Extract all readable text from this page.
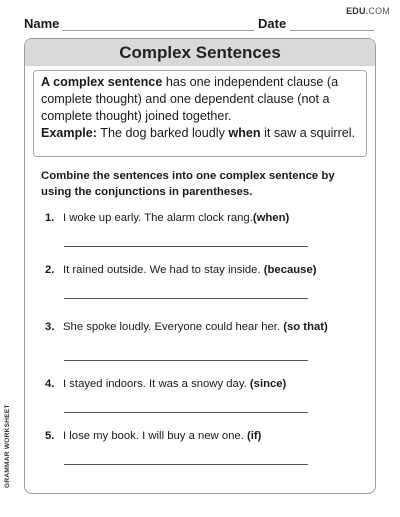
EDU.COM
Name	Date
Complex Sentences
A complex sentence has one independent clause (a complete thought) and one dependent clause (not a complete thought) joined together.
Example: The dog barked loudly when it saw a squirrel.
Combine the sentences into one complex sentence by using the conjunctions in parentheses.
1. I woke up early. The alarm clock rang.(when)
2. It rained outside. We had to stay inside. (because)
3. She spoke loudly. Everyone could hear her. (so that)
4. I stayed indoors. It was a snowy day. (since)
5. I lose my book. I will buy a new one. (if)
GRAMMAR WORKSHEET
